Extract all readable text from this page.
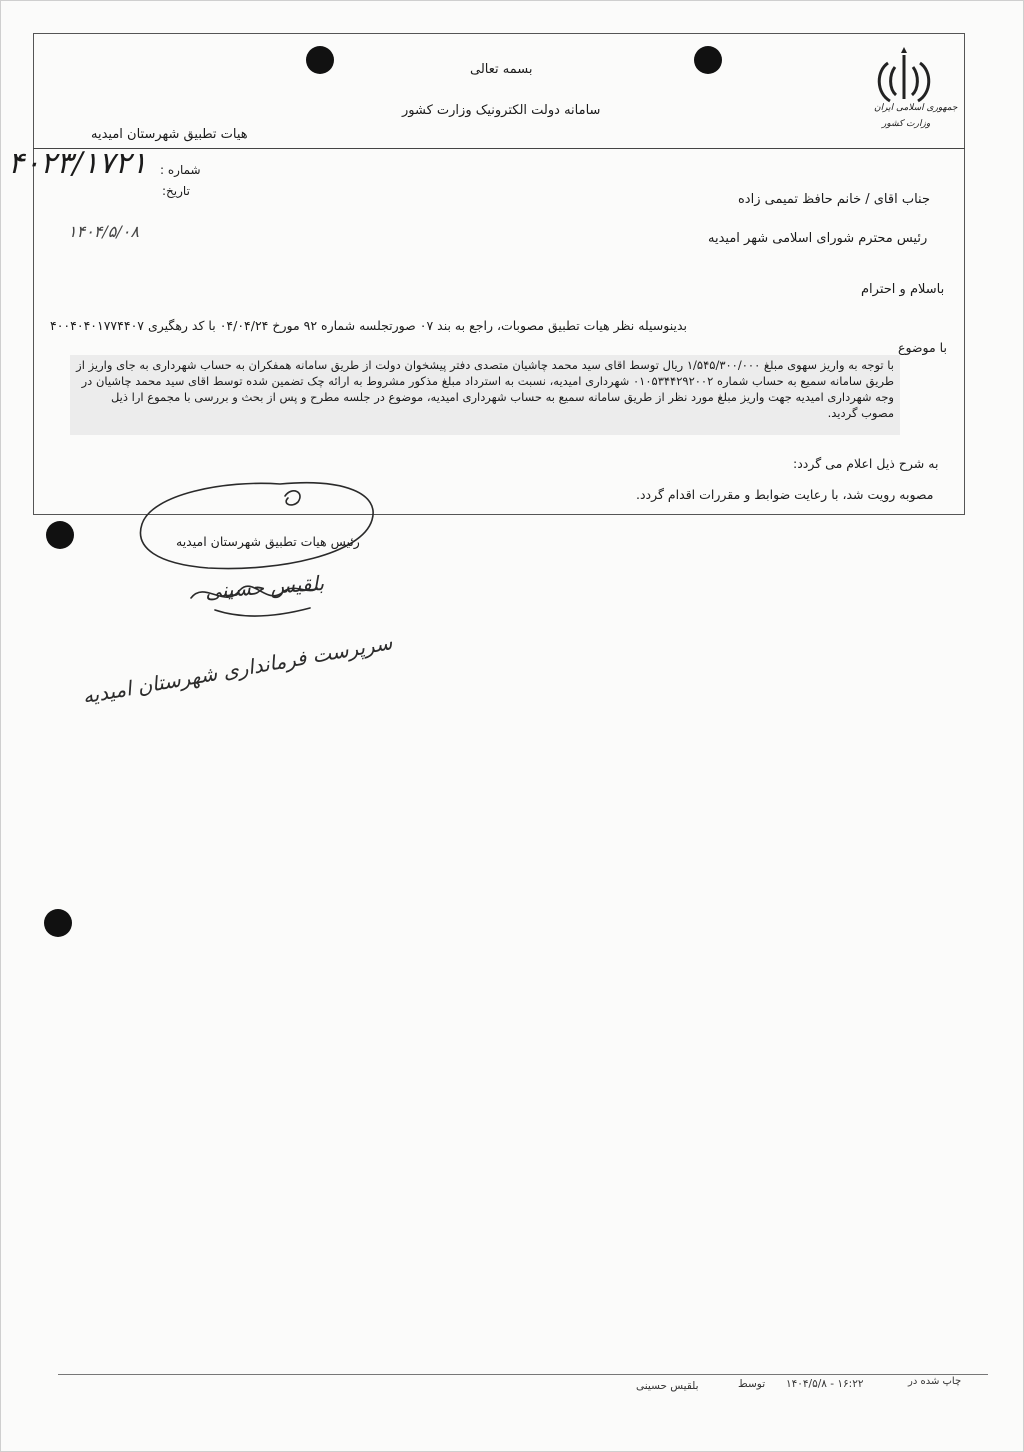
جمهوری اسلامی ایران
وزارت کشور
بسمه تعالی
سامانه دولت الکترونیک وزارت کشور
هیات تطبیق شهرستان امیدیه
شماره :
تاریخ:
۴۰۲۳/۱۷۲۱
۱۴۰۴/۵/۰۸
جناب اقای / خانم حافظ تمیمی زاده
رئیس محترم شورای اسلامی شهر امیدیه
باسلام و احترام
بدینوسیله نظر هیات تطبیق مصوبات، راجع به بند ۰۷ صورتجلسه شماره ۹۲ مورخ ۰۴/۰۴/۲۴ با کد رهگیری ۴۰۰۴۰۴۰۱۷۷۴۴۰۷
با موضوع
با توجه به واریز سهوی مبلغ ۱/۵۴۵/۳۰۰/۰۰۰ ریال توسط اقای سید محمد چاشیان متصدی دفتر پیشخوان دولت از طریق سامانه همفکران به حساب شهرداری به جای واریز از طریق سامانه سمیع به حساب شماره ۰۱۰۵۳۴۴۲۹۲۰۰۲ شهرداری امیدیه، نسبت به استرداد مبلغ مذکور مشروط به ارائه چک تضمین شده توسط اقای سید محمد چاشیان در وجه شهرداری امیدیه جهت واریز مبلغ مورد نظر از طریق سامانه سمیع به حساب شهرداری امیدیه، موضوع در جلسه مطرح و پس از بحث و بررسی با مجموع ارا ذیل مصوب گردید.
به شرح ذیل اعلام می گردد:
مصوبه رویت شد، با رعایت ضوابط و مقررات اقدام گردد.
رئیس هیات تطبیق شهرستان امیدیه
بلقیس حسینی
سرپرست فرمانداری شهرستان امیدیه
چاپ شده در
۱۶:۲۲ - ۱۴۰۴/۵/۸
توسط
بلقیس حسینی
